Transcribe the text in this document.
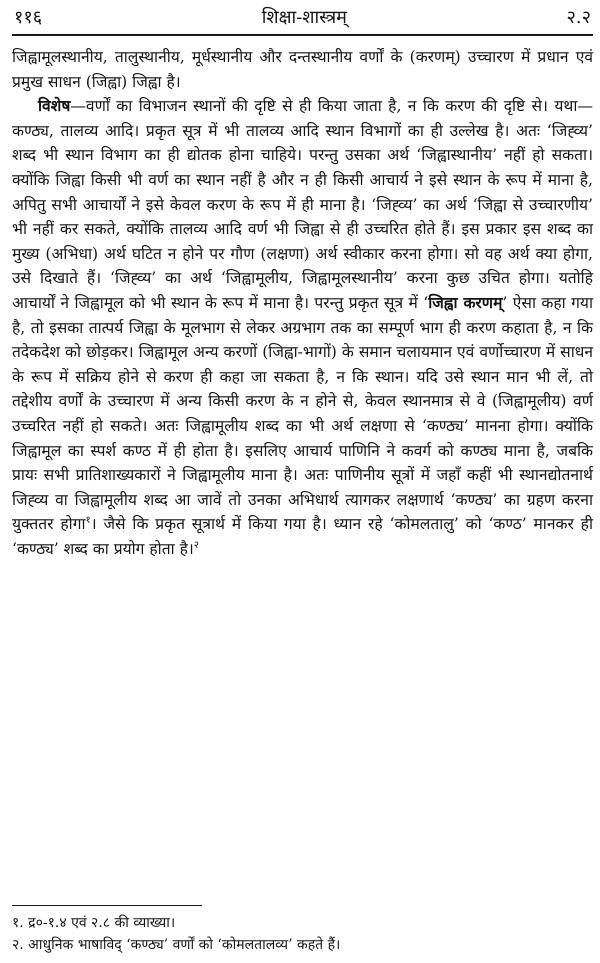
११६	शिक्षा-शास्त्रम्	२.२

जिह्वामूलस्थानीय, तालुस्थानीय, मूर्धस्थानीय और दन्तस्थानीय वर्णों के (करणम्) उच्चारण में प्रधान एवं प्रमुख साधन (जिह्वा) जिह्वा है।

विशेष—वर्णों का विभाजन स्थानों की दृष्टि से ही किया जाता है, न कि करण की दृष्टि से। यथा—कण्ठ्य, तालव्य आदि। प्रकृत सूत्र में भी तालव्य आदि स्थान विभागों का ही उल्लेख है। अतः ‘जिह्व्य’ शब्द भी स्थान विभाग का ही द्योतक होना चाहिये। परन्तु उसका अर्थ ‘जिह्वास्थानीय’ नहीं हो सकता। क्योंकि जिह्वा किसी भी वर्ण का स्थान नहीं है और न ही किसी आचार्य ने इसे स्थान के रूप में माना है, अपितु सभी आचार्यों ने इसे केवल करण के रूप में ही माना है। ‘जिह्व्य’ का अर्थ ‘जिह्वा से उच्चारणीय’ भी नहीं कर सकते, क्योंकि तालव्य आदि वर्ण भी जिह्वा से ही उच्चरित होते हैं। इस प्रकार इस शब्द का मुख्य (अभिधा) अर्थ घटित न होने पर गौण (लक्षणा) अर्थ स्वीकार करना होगा। सो वह अर्थ क्या होगा, उसे दिखाते हैं। ‘जिह्व्य’ का अर्थ ‘जिह्वामूलीय, जिह्वामूलस्थानीय’ करना कुछ उचित होगा। यतोहि आचार्यों ने जिह्वामूल को भी स्थान के रूप में माना है। परन्तु प्रकृत सूत्र में ‘जिह्वा करणम्’ ऐसा कहा गया है, तो इसका तात्पर्य जिह्वा के मूलभाग से लेकर अग्रभाग तक का सम्पूर्ण भाग ही करण कहाता है, न कि तदेकदेश को छोड़कर। जिह्वामूल अन्य करणों (जिह्वा-भागों) के समान चलायमान एवं वर्णोच्चारण में साधन के रूप में सक्रिय होने से करण ही कहा जा सकता है, न कि स्थान। यदि उसे स्थान मान भी लें, तो तद्देशीय वर्णों के उच्चारण में अन्य किसी करण के न होने से, केवल स्थानमात्र से वे (जिह्वामूलीय) वर्ण उच्चरित नहीं हो सकते। अतः जिह्वामूलीय शब्द का भी अर्थ लक्षणा से ‘कण्ठ्य’ मानना होगा। क्योंकि जिह्वामूल का स्पर्श कण्ठ में ही होता है। इसलिए आचार्य पाणिनि ने कवर्ग को कण्ठ्य माना है, जबकि प्रायः सभी प्रातिशाख्यकारों ने जिह्वामूलीय माना है। अतः पाणिनीय सूत्रों में जहाँ कहीं भी स्थानद्योतनार्थ जिह्व्य वा जिह्वामूलीय शब्द आ जावें तो उनका अभिधार्थ त्यागकर लक्षणार्थ ‘कण्ठ्य’ का ग्रहण करना युक्ततर होगा$^१$। जैसे कि प्रकृत सूत्रार्थ में किया गया है। ध्यान रहे ‘कोमलतालु’ को ‘कण्ठ’ मानकर ही ‘कण्ठ्य’ शब्द का प्रयोग होता है।$^२$

१. द्र०-१.४ एवं २.८ की व्याख्या।
२. आधुनिक भाषाविद् ‘कण्ठ्य’ वर्णों को ‘कोमलतालव्य’ कहते हैं।
